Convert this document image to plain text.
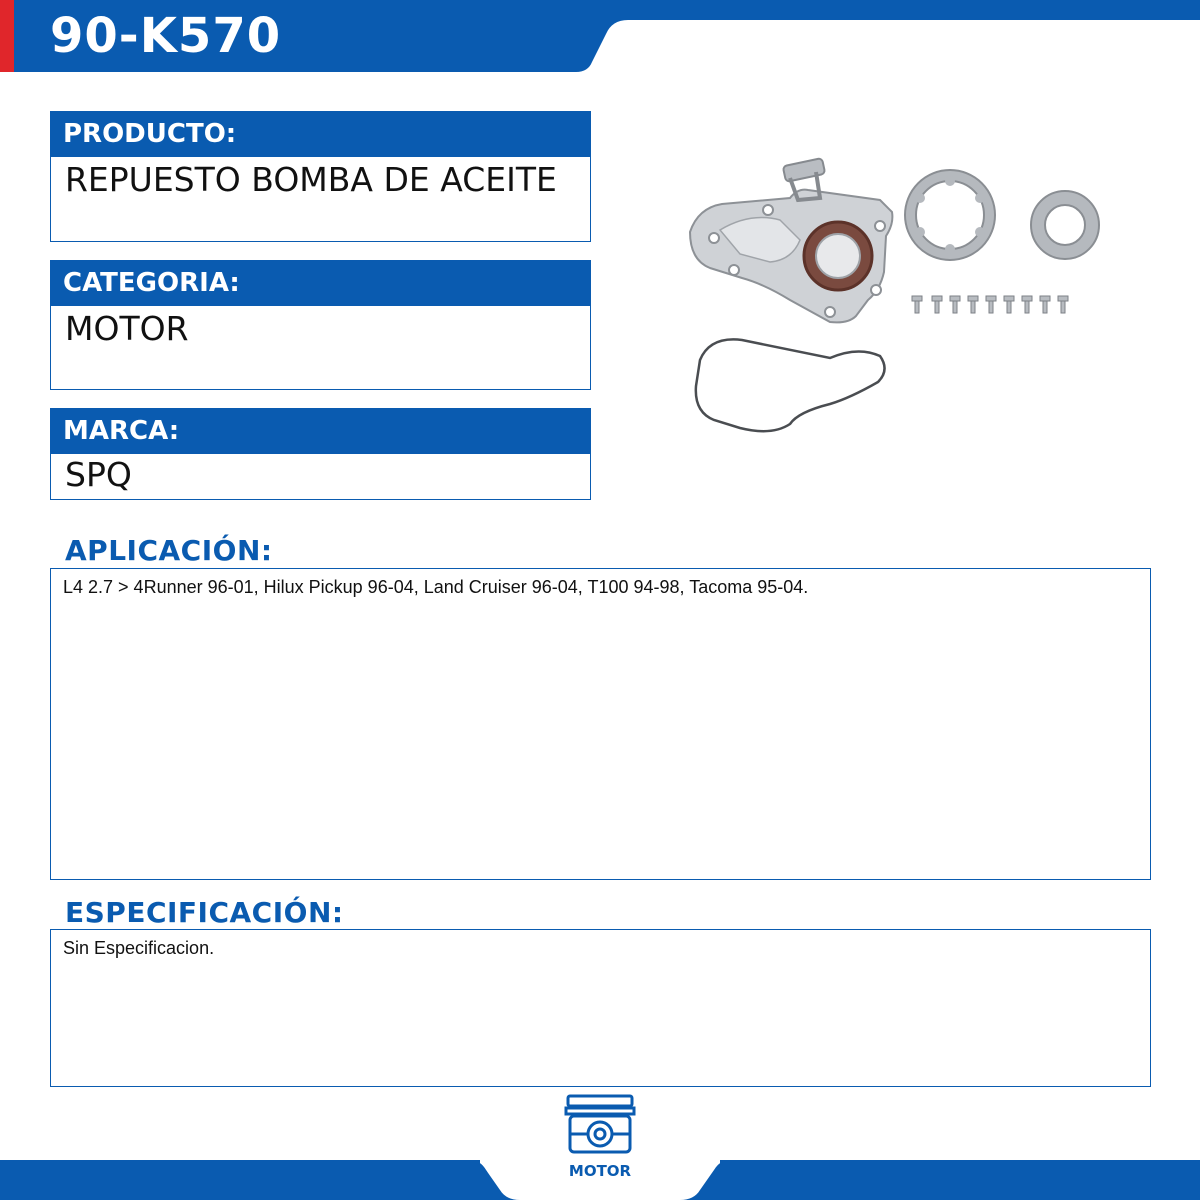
90-K570
PRODUCTO:
REPUESTO BOMBA DE ACEITE
CATEGORIA:
MOTOR
MARCA:
SPQ
APLICACIÓN:
L4 2.7 > 4Runner 96-01, Hilux Pickup 96-04, Land Cruiser 96-04, T100 94-98, Tacoma 95-04.
ESPECIFICACIÓN:
Sin Especificacion.
MOTOR
